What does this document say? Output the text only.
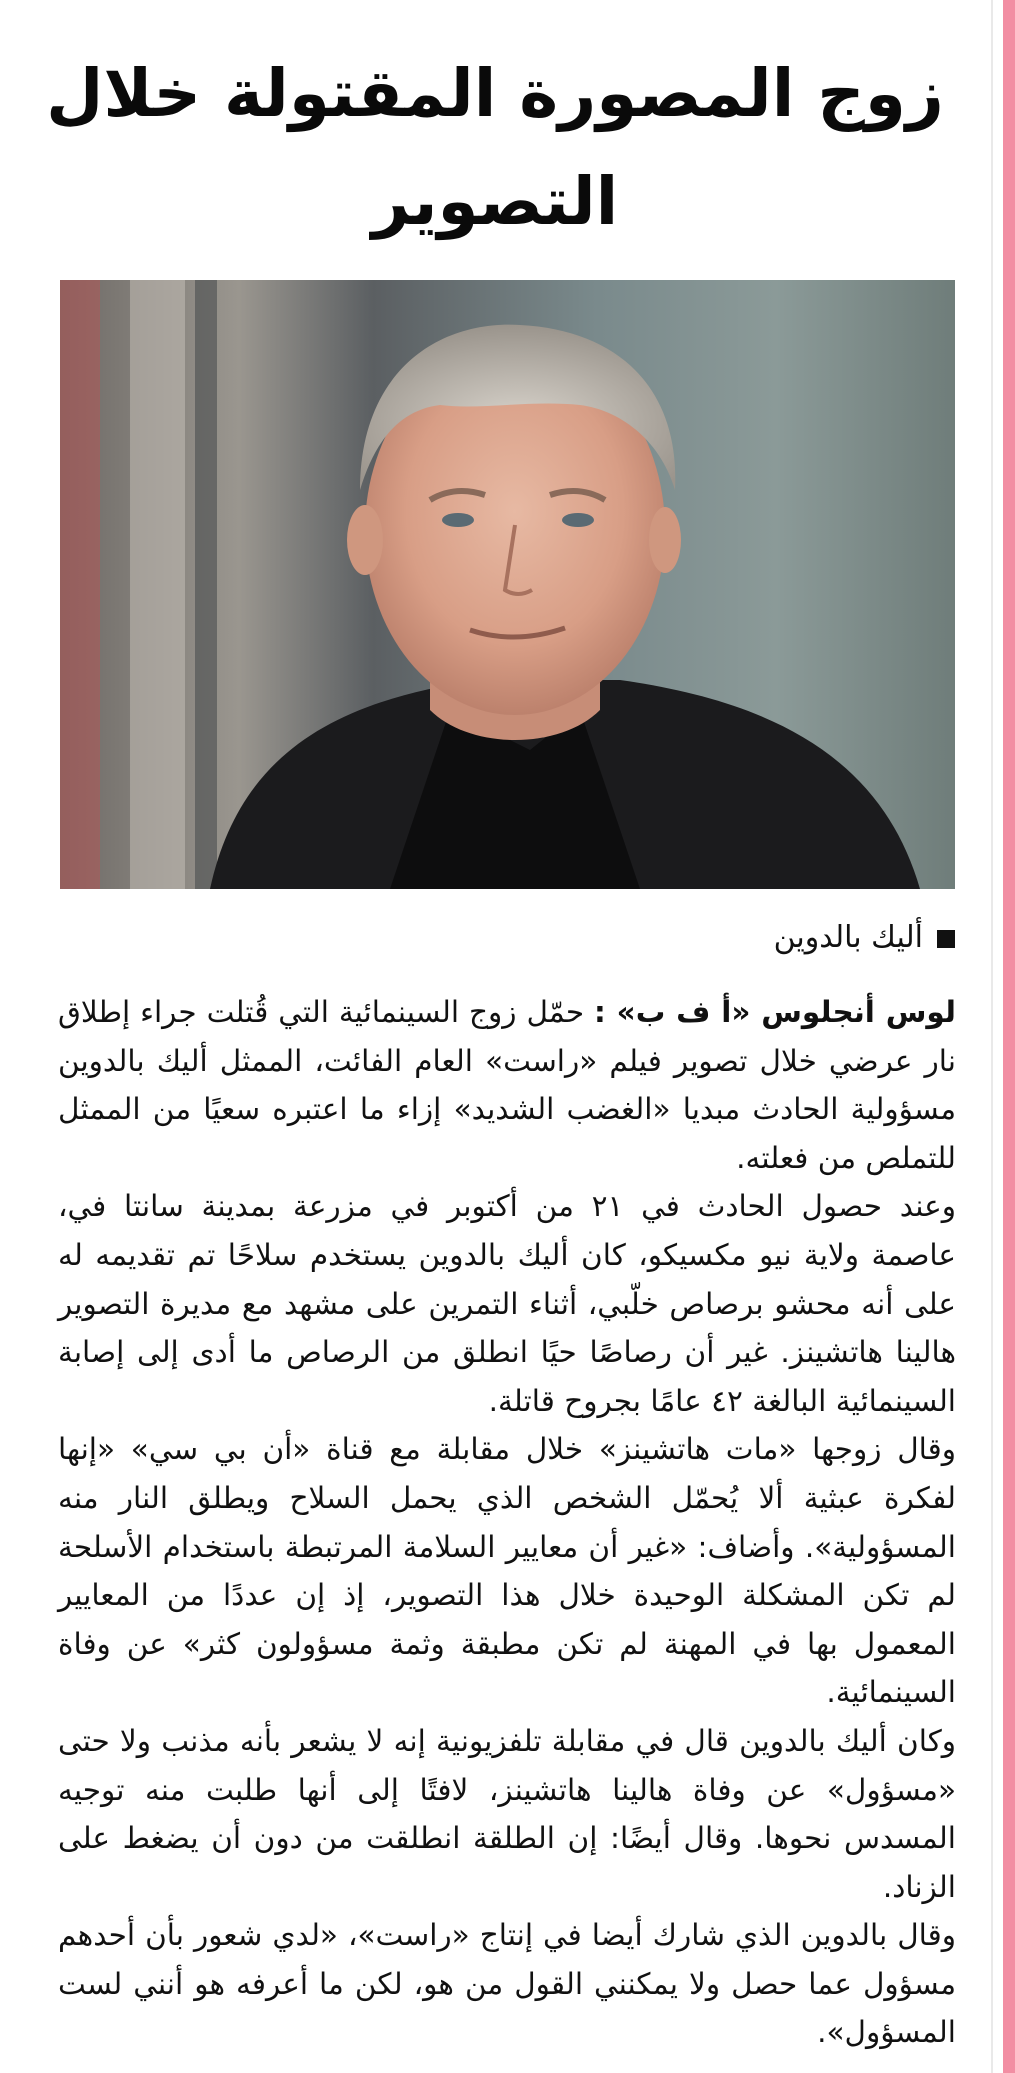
زوج المصورة المقتولة خلال التصوير
أليك بالدوين

لوس أنجلوس «أ ف ب» : حمّل زوج السينمائية التي قُتلت جراء إطلاق نار عرضي خلال تصوير فيلم «راست» العام الفائت، الممثل أليك بالدوين مسؤولية الحادث مبديا «الغضب الشديد» إزاء ما اعتبره سعيًا من الممثل للتملص من فعلته.

وعند حصول الحادث في ٢١ من أكتوبر في مزرعة بمدينة سانتا في، عاصمة ولاية نيو مكسيكو، كان أليك بالدوين يستخدم سلاحًا تم تقديمه له على أنه محشو برصاص خلّبي، أثناء التمرين على مشهد مع مديرة التصوير هالينا هاتشينز. غير أن رصاصًا حيًا انطلق من الرصاص ما أدى إلى إصابة السينمائية البالغة ٤٢ عامًا بجروح قاتلة.

وقال زوجها «مات هاتشينز» خلال مقابلة مع قناة «أن بي سي» «إنها لفكرة عبثية ألا يُحمّل الشخص الذي يحمل السلاح ويطلق النار منه المسؤولية». وأضاف: «غير أن معايير السلامة المرتبطة باستخدام الأسلحة لم تكن المشكلة الوحيدة خلال هذا التصوير، إذ إن عددًا من المعايير المعمول بها في المهنة لم تكن مطبقة وثمة مسؤولون كثر» عن وفاة السينمائية.

وكان أليك بالدوين قال في مقابلة تلفزيونية إنه لا يشعر بأنه مذنب ولا حتى «مسؤول» عن وفاة هالينا هاتشينز، لافتًا إلى أنها طلبت منه توجيه المسدس نحوها. وقال أيضًا: إن الطلقة انطلقت من دون أن يضغط على الزناد.

وقال بالدوين الذي شارك أيضا في إنتاج «راست»، «لدي شعور بأن أحدهم مسؤول عما حصل ولا يمكنني القول من هو، لكن ما أعرفه هو أنني لست المسؤول».
